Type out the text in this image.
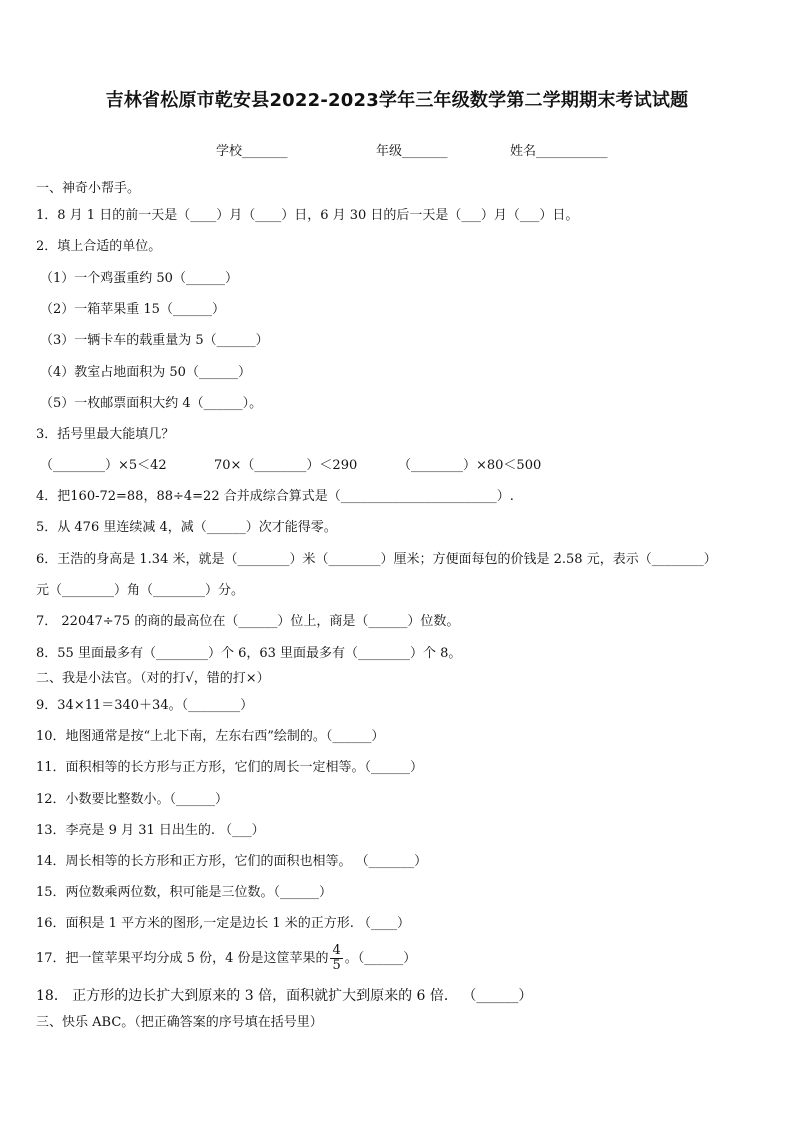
吉林省松原市乾安县2022-2023学年三年级数学第二学期期末考试试题
学校_______	年级_______	姓名___________
一、神奇小帮手。
1．8 月 1 日的前一天是（____）月（____）日，6 月 30 日的后一天是（___）月（___）日。
2．填上合适的单位。
（1）一个鸡蛋重约 50（______）
（2）一箱苹果重 15（______）
（3）一辆卡车的载重量为 5（______）
（4）教室占地面积为 50（______）
（5）一枚邮票面积大约 4（______）。
3．括号里最大能填几？
（________）×5＜42	70×（________）＜290	（________）×80＜500
4．把160-72=88，88÷4=22 合并成综合算式是（________________________）.
5．从 476 里连续减 4，减（______）次才能得零。
6．王浩的身高是 1.34 米，就是（________）米（________）厘米；方便面每包的价钱是 2.58 元，表示（________）
元（________）角（________）分。
7． 22047÷75 的商的最高位在（______）位上，商是（______）位数。
8．55 里面最多有（________）个 6，63 里面最多有（________）个 8。
二、我是小法官。（对的打√，错的打×）
9．34×11＝340＋34。（________）
10．地图通常是按“上北下南，左东右西”绘制的。（______）
11．面积相等的长方形与正方形，它们的周长一定相等。（______）
12．小数要比整数小。（______）
13．李亮是 9 月 31 日出生的. （___）
14．周长相等的长方形和正方形，它们的面积也相等。 （_______）
15．两位数乘两位数，积可能是三位数。（______）
16．面积是 1 平方米的图形,一定是边长 1 米的正方形. （____）
17．把一筐苹果平均分成 5 份，4 份是这筐苹果的 $\frac{4}{5}$ 。（______）
18． 正方形的边长扩大到原来的 3 倍，面积就扩大到原来的 6 倍． （______）
三、快乐 ABC。（把正确答案的序号填在括号里）
